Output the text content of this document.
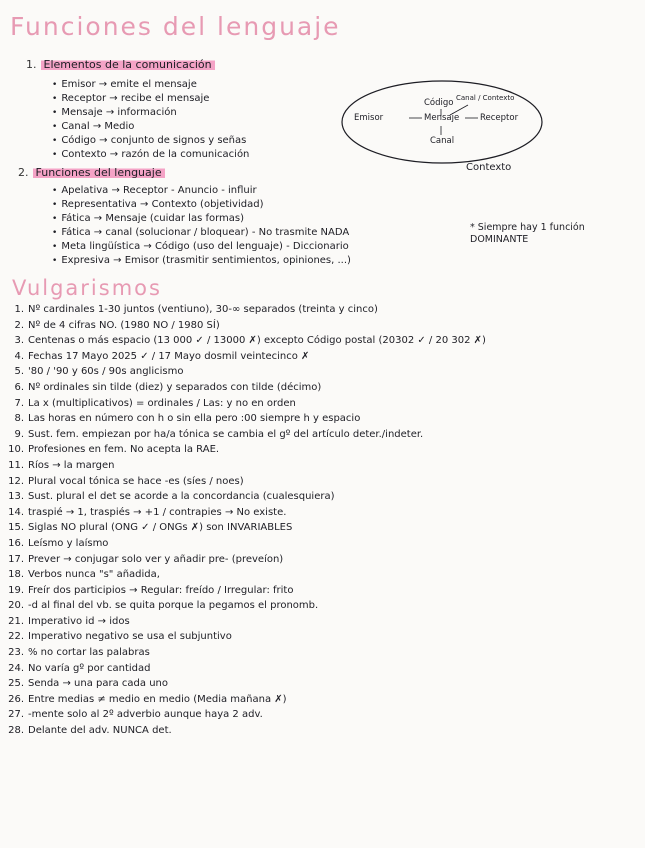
Funciones del lenguaje
1. Elementos de la comunicación
• Emisor → emite el mensaje
• Receptor → recibe el mensaje
• Mensaje → información
• Canal → Medio
• Código → conjunto de signos y señas
• Contexto → razón de la comunicación
Código Canal / Contexto
Emisor	Mensaje Receptor
Canal
Contexto
2. Funciones del lenguaje
• Apelativa → Receptor - Anuncio - influir
• Representativa → Contexto (objetividad)
• Fática → Mensaje (cuidar las formas)
• Fática → canal (solucionar / bloquear) - No trasmite NADA
• Meta lingüística → Código (uso del lenguaje) - Diccionario
• Expresiva → Emisor (trasmitir sentimientos, opiniones, ...)
* Siempre hay 1 función DOMINANTE
Vulgarismos
1. Nº cardinales 1-30 juntos (ventiuno), 30-∞ separados (treinta y cinco)
2. Nº de 4 cifras NO. (1980 NO / 1980 SÍ)
3. Centenas o más espacio (13 000 ✓ / 13000 ✗) excepto Código postal (20302 ✓ / 20 302 ✗)
4. Fechas 17 Mayo 2025 ✓ / 17 Mayo dosmil veintecinco ✗
5. '80 / '90 y 60s / 90s anglicismo
6. Nº ordinales sin tilde (diez) y separados con tilde (décimo)
7. La x (multiplicativos) = ordinales / Las: y no en orden
8. Las horas en número con h o sin ella pero :00 siempre h y espacio
9. Sust. fem. empiezan por ha/a tónica se cambia el gº del artículo deter./indeter.
10. Profesiones en fem. No acepta la RAE.
11. Ríos → la margen
12. Plural vocal tónica se hace -es (síes / noes)
13. Sust. plural el det se acorde a la concordancia (cualesquiera)
14. traspié → 1, traspiés → +1 / contrapies → No existe.
15. Siglas NO plural (ONG ✓ / ONGs ✗) son INVARIABLES
16. Leísmo y laísmo
17. Prever → conjugar solo ver y añadir pre- (preveíon)
18. Verbos nunca "s" añadida,
19. Freír dos participios → Regular: freído / Irregular: frito
20. -d al final del vb. se quita porque la pegamos el pronomb.
21. Imperativo id → idos
22. Imperativo negativo se usa el subjuntivo
23. % no cortar las palabras
24. No varía gº por cantidad
25. Senda → una para cada uno
26. Entre medias ≠ medio en medio (Media mañana ✗)
27. -mente solo al 2º adverbio aunque haya 2 adv.
28. Delante del adv. NUNCA det.
